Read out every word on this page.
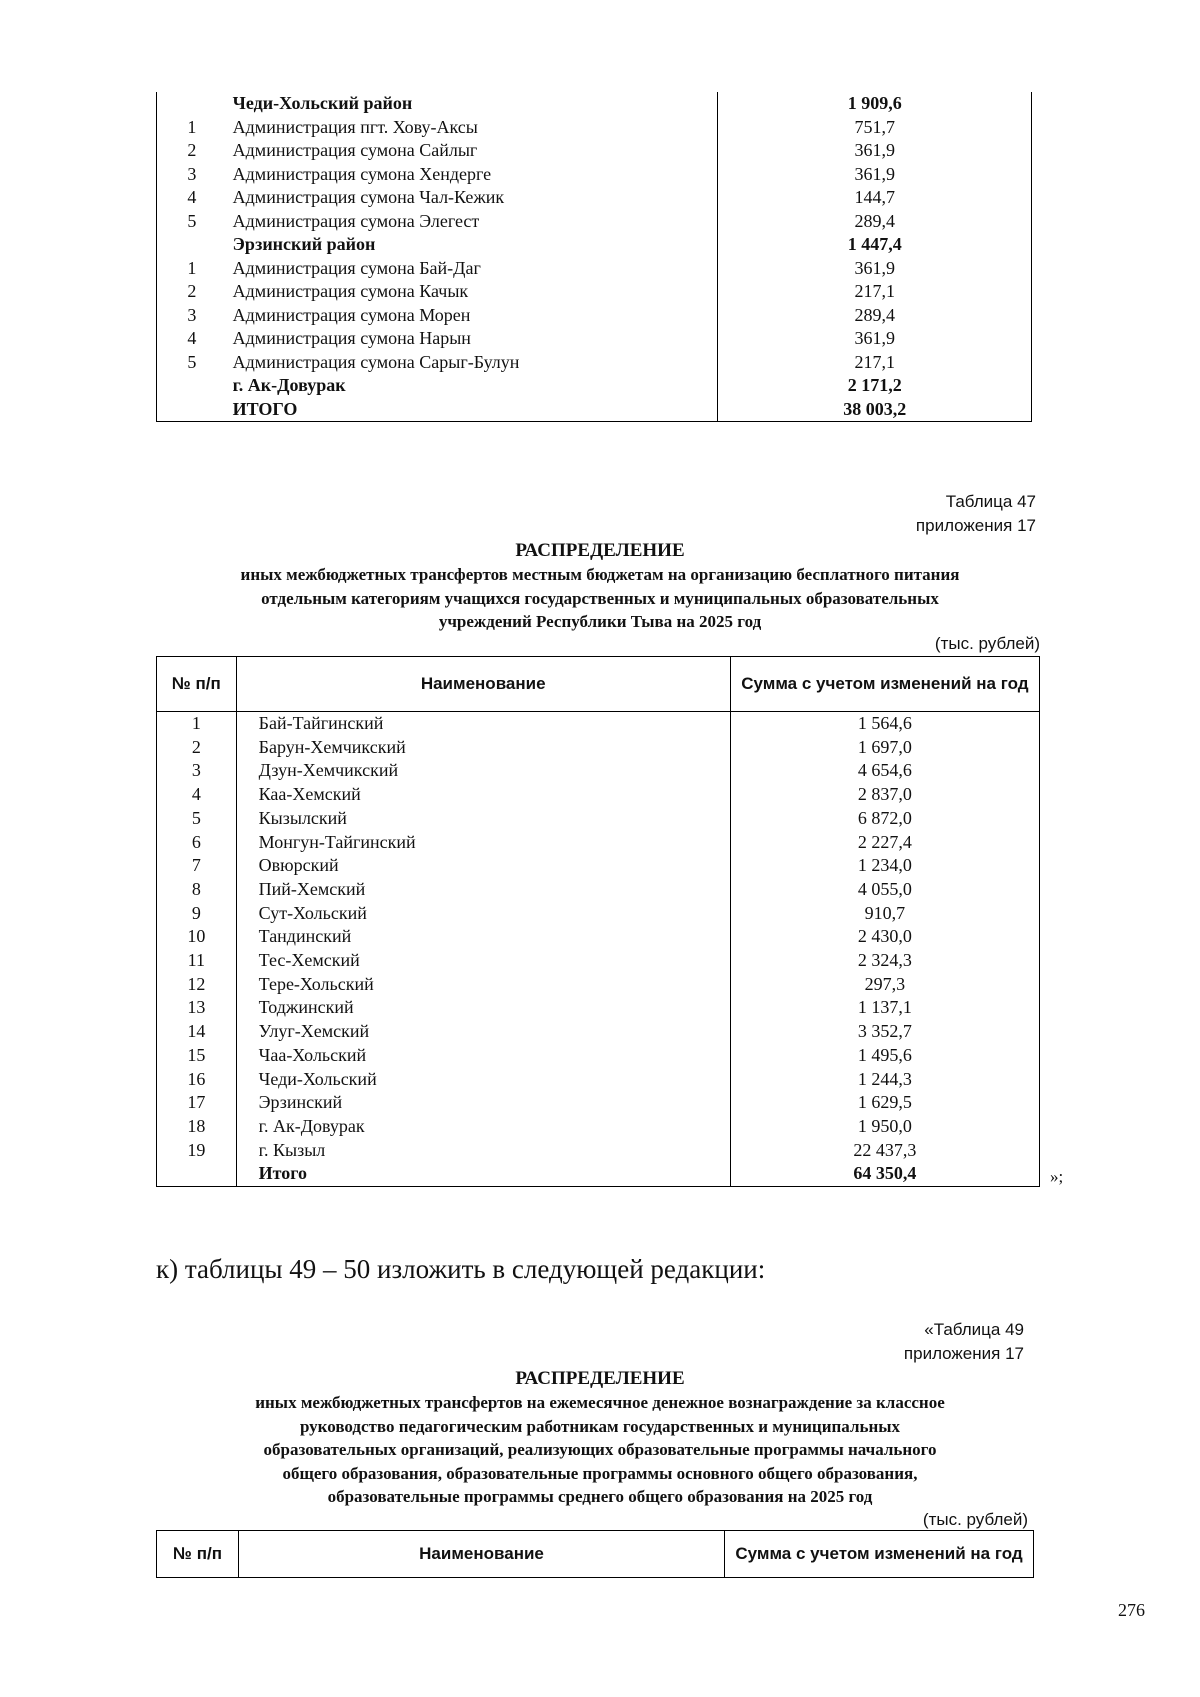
	Чеди-Хольский район	1 909,6
1	Администрация пгт. Хову-Аксы	751,7
2	Администрация сумона Сайлыг	361,9
3	Администрация сумона Хендерге	361,9
4	Администрация сумона Чал-Кежик	144,7
5	Администрация сумона Элегест	289,4
	Эрзинский район	1 447,4
1	Администрация сумона Бай-Даг	361,9
2	Администрация сумона Качык	217,1
3	Администрация сумона Морен	289,4
4	Администрация сумона Нарын	361,9
5	Администрация сумона Сарыг-Булун	217,1
	г. Ак-Довурак	2 171,2
	ИТОГО	38 003,2
Таблица 47
приложения 17
РАСПРЕДЕЛЕНИЕ
иных межбюджетных трансфертов местным бюджетам на организацию бесплатного питания
отдельным категориям учащихся государственных и муниципальных образовательных
учреждений Республики Тыва на 2025 год
(тыс. рублей)
№ п/п	Наименование	Сумма с учетом изменений на год
1	Бай-Тайгинский	1 564,6
2	Барун-Хемчикский	1 697,0
3	Дзун-Хемчикский	4 654,6
4	Каа-Хемский	2 837,0
5	Кызылский	6 872,0
6	Монгун-Тайгинский	2 227,4
7	Овюрский	1 234,0
8	Пий-Хемский	4 055,0
9	Сут-Хольский	910,7
10	Тандинский	2 430,0
11	Тес-Хемский	2 324,3
12	Тере-Хольский	297,3
13	Тоджинский	1 137,1
14	Улуг-Хемский	3 352,7
15	Чаа-Хольский	1 495,6
16	Чеди-Хольский	1 244,3
17	Эрзинский	1 629,5
18	г. Ак-Довурак	1 950,0
19	г. Кызыл	22 437,3
	Итого	64 350,4	»;
к) таблицы 49 – 50 изложить в следующей редакции:
«Таблица 49
приложения 17
РАСПРЕДЕЛЕНИЕ
иных межбюджетных трансфертов на ежемесячное денежное вознаграждение за классное
руководство педагогическим работникам государственных и муниципальных
образовательных организаций, реализующих образовательные программы начального
общего образования, образовательные программы основного общего образования,
образовательные программы среднего общего образования на 2025 год
(тыс. рублей)
№ п/п	Наименование	Сумма с учетом изменений на год
276
